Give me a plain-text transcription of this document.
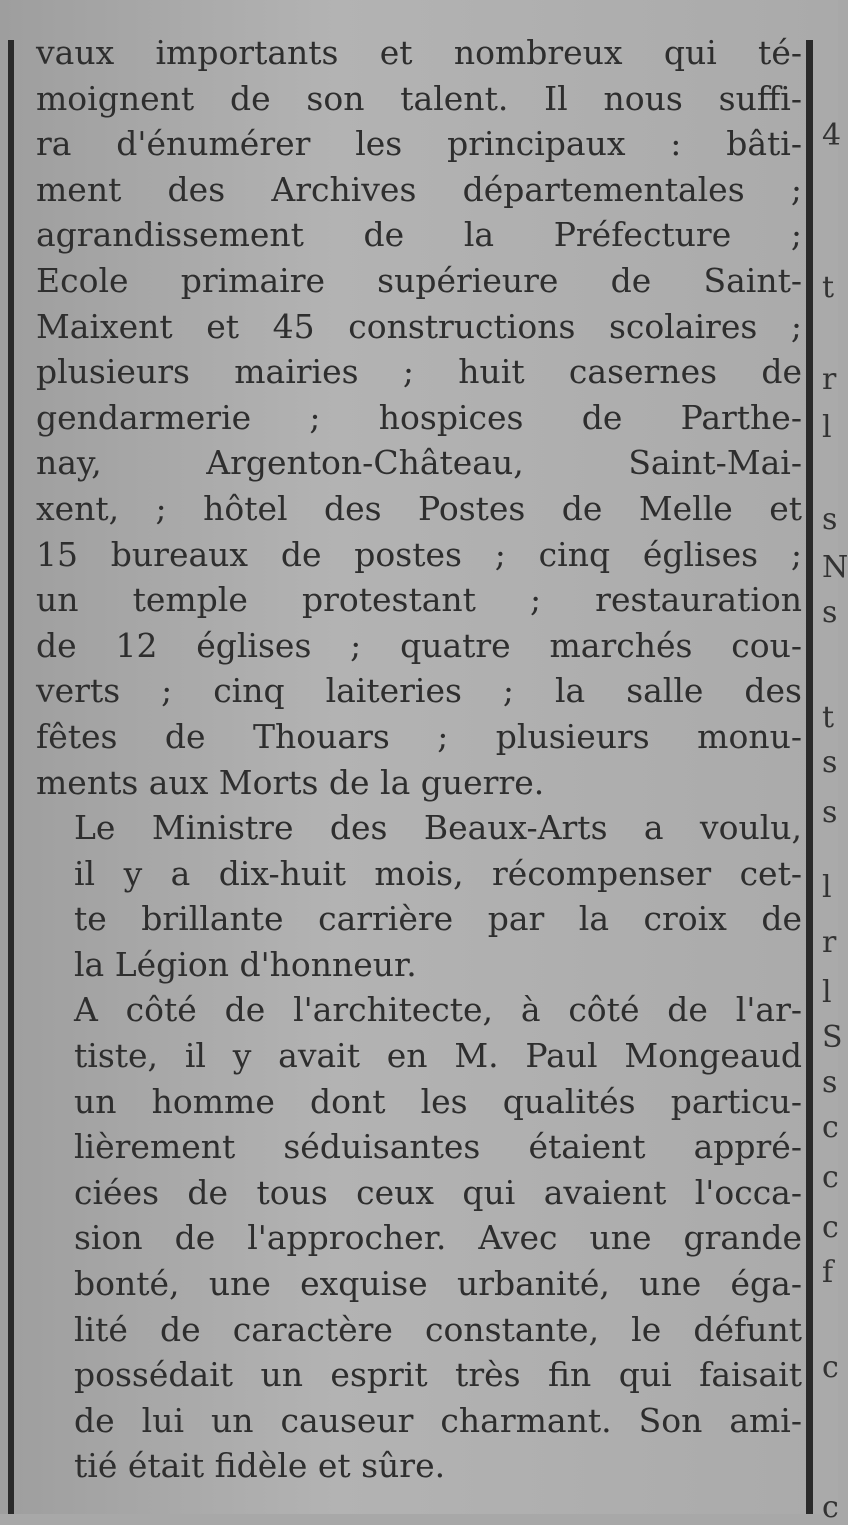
vaux importants et nombreux qui té-
moignent de son talent. Il nous suffi-
ra d'énumérer les principaux : bâti-
ment des Archives départementales ;
agrandissement de la Préfecture ;
Ecole primaire supérieure de Saint-
Maixent et 45 constructions scolaires ;
plusieurs mairies ; huit casernes de
gendarmerie ; hospices de Parthe-
nay, Argenton-Château, Saint-Mai-
xent, ; hôtel des Postes de Melle et
15 bureaux de postes ; cinq églises ;
un temple protestant ; restauration
de 12 églises ; quatre marchés cou-
verts ; cinq laiteries ; la salle des
fêtes de Thouars ; plusieurs monu-
ments aux Morts de la guerre.

Le Ministre des Beaux-Arts a voulu,
il y a dix-huit mois, récompenser cet-
te brillante carrière par la croix de
la Légion d'honneur.

A côté de l'architecte, à côté de l'ar-
tiste, il y avait en M. Paul Mongeaud
un homme dont les qualités particu-
lièrement séduisantes étaient appré-
ciées de tous ceux qui avaient l'occa-
sion de l'approcher. Avec une grande
bonté, une exquise urbanité, une éga-
lité de caractère constante, le défunt
possédait un esprit très fin qui faisait
de lui un causeur charmant. Son ami-
tié était fidèle et sûre.

4
t
r
l
s
N
s
t
s
s
l
r
l
S
s
c
c
c
f
c
c
